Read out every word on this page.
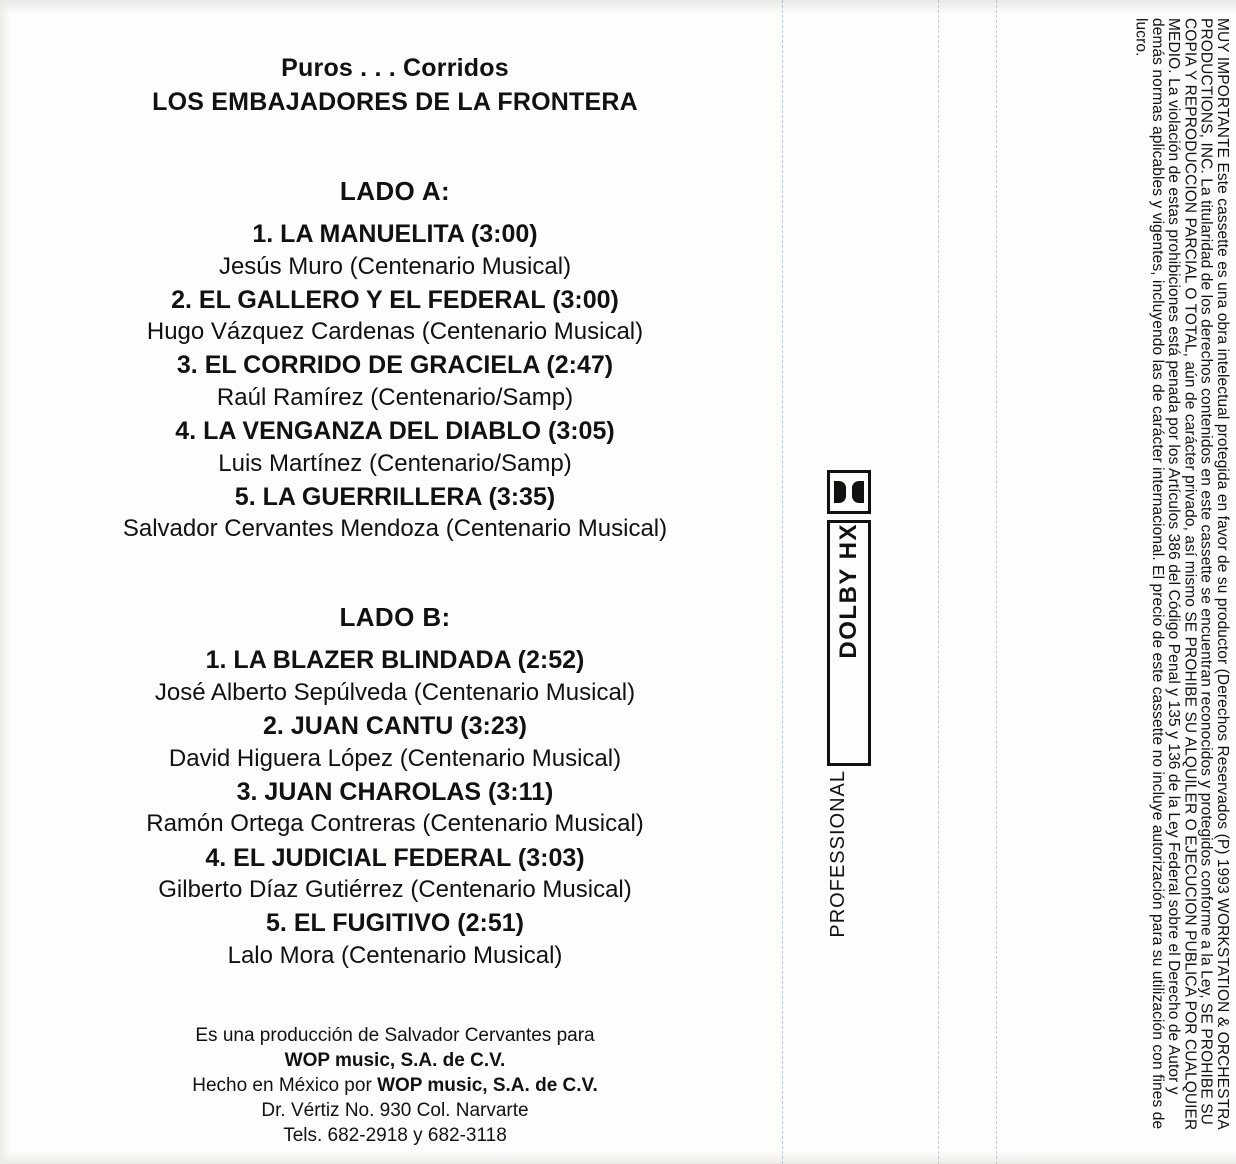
Puros . . . Corridos
LOS EMBAJADORES DE LA FRONTERA
LADO A:
1. LA MANUELITA (3:00)
Jesús Muro (Centenario Musical)
2. EL GALLERO Y EL FEDERAL (3:00)
Hugo Vázquez Cardenas (Centenario Musical)
3. EL CORRIDO DE GRACIELA (2:47)
Raúl Ramírez (Centenario/Samp)
4. LA VENGANZA DEL DIABLO (3:05)
Luis Martínez (Centenario/Samp)
5. LA GUERRILLERA (3:35)
Salvador Cervantes Mendoza (Centenario Musical)
LADO B:
1. LA BLAZER BLINDADA (2:52)
José Alberto Sepúlveda (Centenario Musical)
2. JUAN CANTU (3:23)
David Higuera López (Centenario Musical)
3. JUAN CHAROLAS (3:11)
Ramón Ortega Contreras (Centenario Musical)
4. EL JUDICIAL FEDERAL (3:03)
Gilberto Díaz Gutiérrez (Centenario Musical)
5. EL FUGITIVO (2:51)
Lalo Mora (Centenario Musical)
Es una producción de Salvador Cervantes para
WOP music, S.A. de C.V.
Hecho en México por WOP music, S.A. de C.V.
Dr. Vértiz No. 930 Col. Narvarte
Tels. 682-2918 y 682-3118
DOLBY HX
PROFESSIONAL	MUY IMPORTANTE Este cassette es una obra intelectual protegida en favor de su productor (Derechos Reservados (P) 1993 WORKSTATION & ORCHESTRA PRODUCTIONS, INC. La titularidad de los derechos contenidos en este cassette se encuentran reconocidos y protegidos conforme a la Ley, SE PROHIBE SU COPIA Y REPRODUCCION PARCIAL O TOTAL, aún de carácter privado, así mismo SE PROHIBE SU ALQUILER O EJECUCION PUBLICA POR CUALQUIER MEDIO. La violación de estas prohibiciones está penada por los Artículos 386 del Código Penal y 135 y 136 de la Ley Federal sobre el Derecho de Autor y demás normas aplicables y vigentes, incluyendo las de carácter internacional. El precio de este cassette no incluye autorización para su utilización con fines de lucro.
